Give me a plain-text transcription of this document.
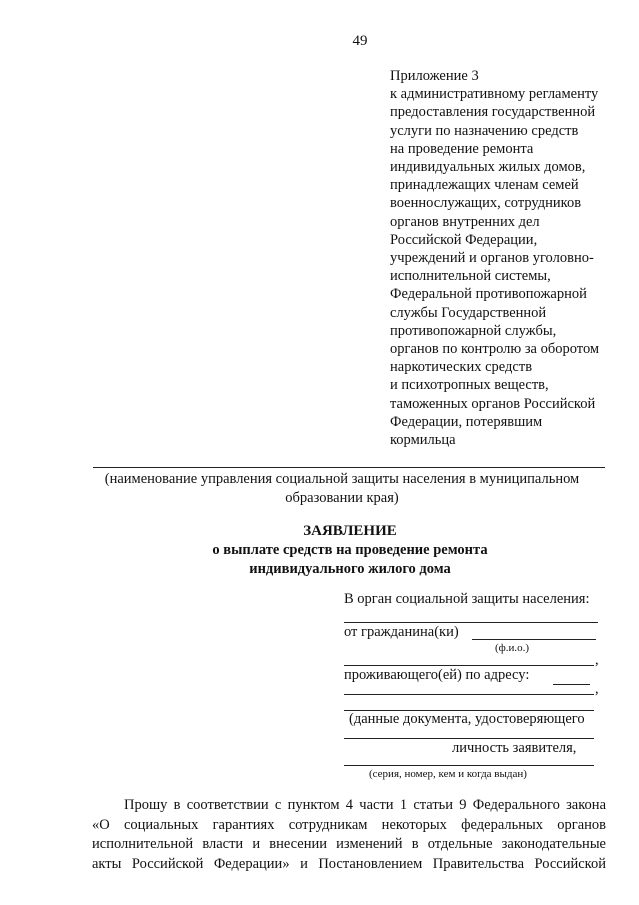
49
Приложение 3
к административному регламенту
предоставления государственной
услуги по назначению средств
на проведение ремонта
индивидуальных жилых домов,
принадлежащих членам семей
военнослужащих, сотрудников
органов внутренних дел
Российской Федерации,
учреждений и органов уголовно-
исполнительной системы,
Федеральной противопожарной
службы Государственной
противопожарной службы,
органов по контролю за оборотом
наркотических средств
и психотропных веществ,
таможенных органов Российской
Федерации, потерявшим
кормильца
(наименование управления социальной защиты населения в муниципальном
образовании края)
ЗАЯВЛЕНИЕ
о выплате средств на проведение ремонта
индивидуального жилого дома
В орган социальной защиты населения:
от гражданина(ки)
(ф.и.о.)
,
проживающего(ей) по адресу:
,
(данные документа, удостоверяющего
личность заявителя,
(серия, номер, кем и когда выдан)
Прошу в соответствии с пунктом 4 части 1 статьи 9 Федерального закона
«О социальных гарантиях сотрудникам некоторых федеральных органов
исполнительной власти и внесении изменений в отдельные законодательные
акты Российской Федерации» и Постановлением Правительства Российской
